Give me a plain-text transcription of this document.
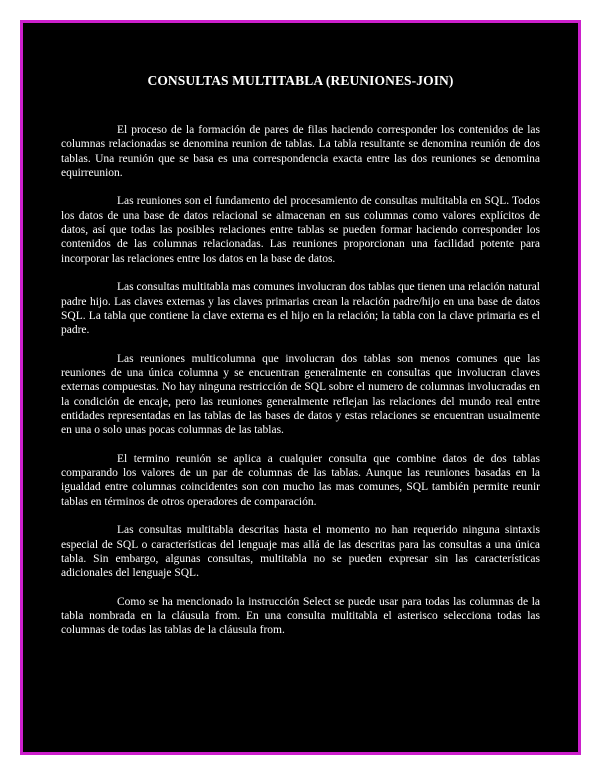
CONSULTAS MULTITABLA (REUNIONES-JOIN)

El proceso de la formación de pares de filas haciendo corresponder los contenidos de las columnas relacionadas se denomina reunion de tablas. La tabla resultante se denomina reunión de dos tablas. Una reunión que se basa es una correspondencia exacta entre las dos reuniones se denomina equirreunion.

Las reuniones son el fundamento del procesamiento de consultas multitabla en SQL. Todos los datos de una base de datos relacional se almacenan en sus columnas como valores explícitos de datos, así que todas las posibles relaciones entre tablas se pueden formar haciendo corresponder los contenidos de las columnas relacionadas. Las reuniones proporcionan una facilidad potente para incorporar las relaciones entre los datos en la base de datos.

Las consultas multitabla mas comunes involucran dos tablas que tienen una relación natural padre hijo. Las claves externas y las claves primarias crean la relación padre/hijo en una base de datos SQL. La tabla que contiene la clave externa es el hijo en la relación; la tabla con la clave primaria es el padre.

Las reuniones multicolumna que involucran dos tablas son menos comunes que las reuniones de una única columna y se encuentran generalmente en consultas que involucran claves externas compuestas. No hay ninguna restricción de SQL sobre el numero de columnas involucradas en la condición de encaje, pero las reuniones generalmente reflejan las relaciones del mundo real entre entidades representadas en las tablas de las bases de datos y estas relaciones se encuentran usualmente en una o solo unas pocas columnas de las tablas.

El termino reunión se aplica a cualquier consulta que combine datos de dos tablas comparando los valores de un par de columnas de las tablas. Aunque las reuniones basadas en la igualdad entre columnas coincidentes son con mucho las mas comunes, SQL también permite reunir tablas en términos de otros operadores de comparación.

Las consultas multitabla descritas hasta el momento no han requerido ninguna sintaxis especial de SQL o características del lenguaje mas allá de las descritas para las consultas a una única tabla. Sin embargo, algunas consultas, multitabla no se pueden expresar sin las características adicionales del lenguaje SQL.

Como se ha mencionado la instrucción Select se puede usar para todas las columnas de la tabla nombrada en la cláusula from. En una consulta multitabla el asterisco selecciona todas las columnas de todas las tablas de la cláusula from.
